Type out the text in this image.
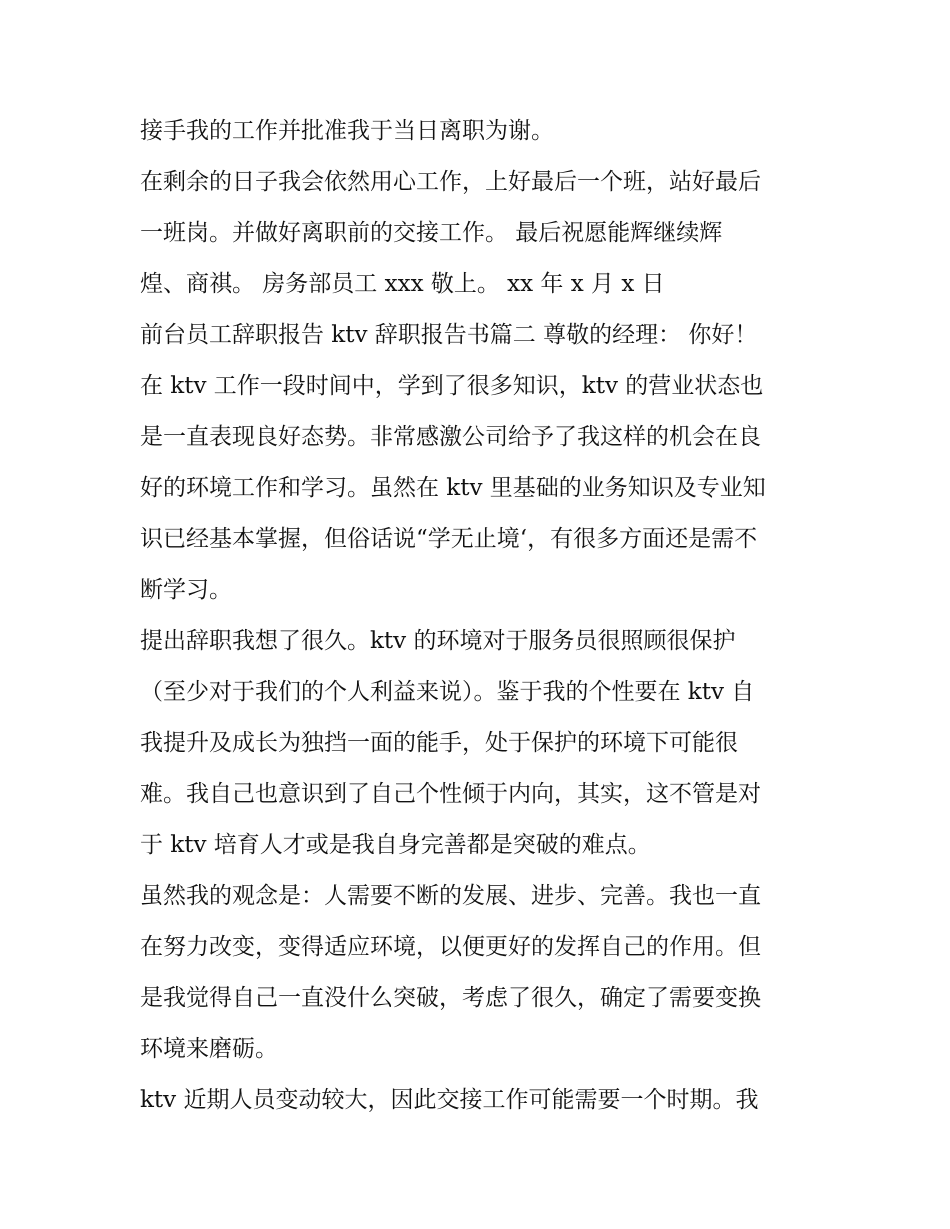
接手我的工作并批准我于当日离职为谢。
在剩余的日子我会依然用心工作，上好最后一个班，站好最后
一班岗。并做好离职前的交接工作。 最后祝愿能辉继续辉
煌、商祺。 房务部员工 xxx 敬上。 xx 年 x 月 x 日
前台员工辞职报告 ktv 辞职报告书篇二 尊敬的经理： 你好！
在 ktv 工作一段时间中，学到了很多知识，ktv 的营业状态也
是一直表现良好态势。非常感激公司给予了我这样的机会在良
好的环境工作和学习。虽然在 ktv 里基础的业务知识及专业知
识已经基本掌握，但俗话说“学无止境‘，有很多方面还是需不
断学习。
提出辞职我想了很久。ktv 的环境对于服务员很照顾很保护
（至少对于我们的个人利益来说）。鉴于我的个性要在 ktv 自
我提升及成长为独挡一面的能手，处于保护的环境下可能很
难。我自己也意识到了自己个性倾于内向，其实，这不管是对
于 ktv 培育人才或是我自身完善都是突破的难点。
虽然我的观念是：人需要不断的发展、进步、完善。我也一直
在努力改变，变得适应环境，以便更好的发挥自己的作用。但
是我觉得自己一直没什么突破，考虑了很久，确定了需要变换
环境来磨砺。
ktv 近期人员变动较大，因此交接工作可能需要一个时期。我
